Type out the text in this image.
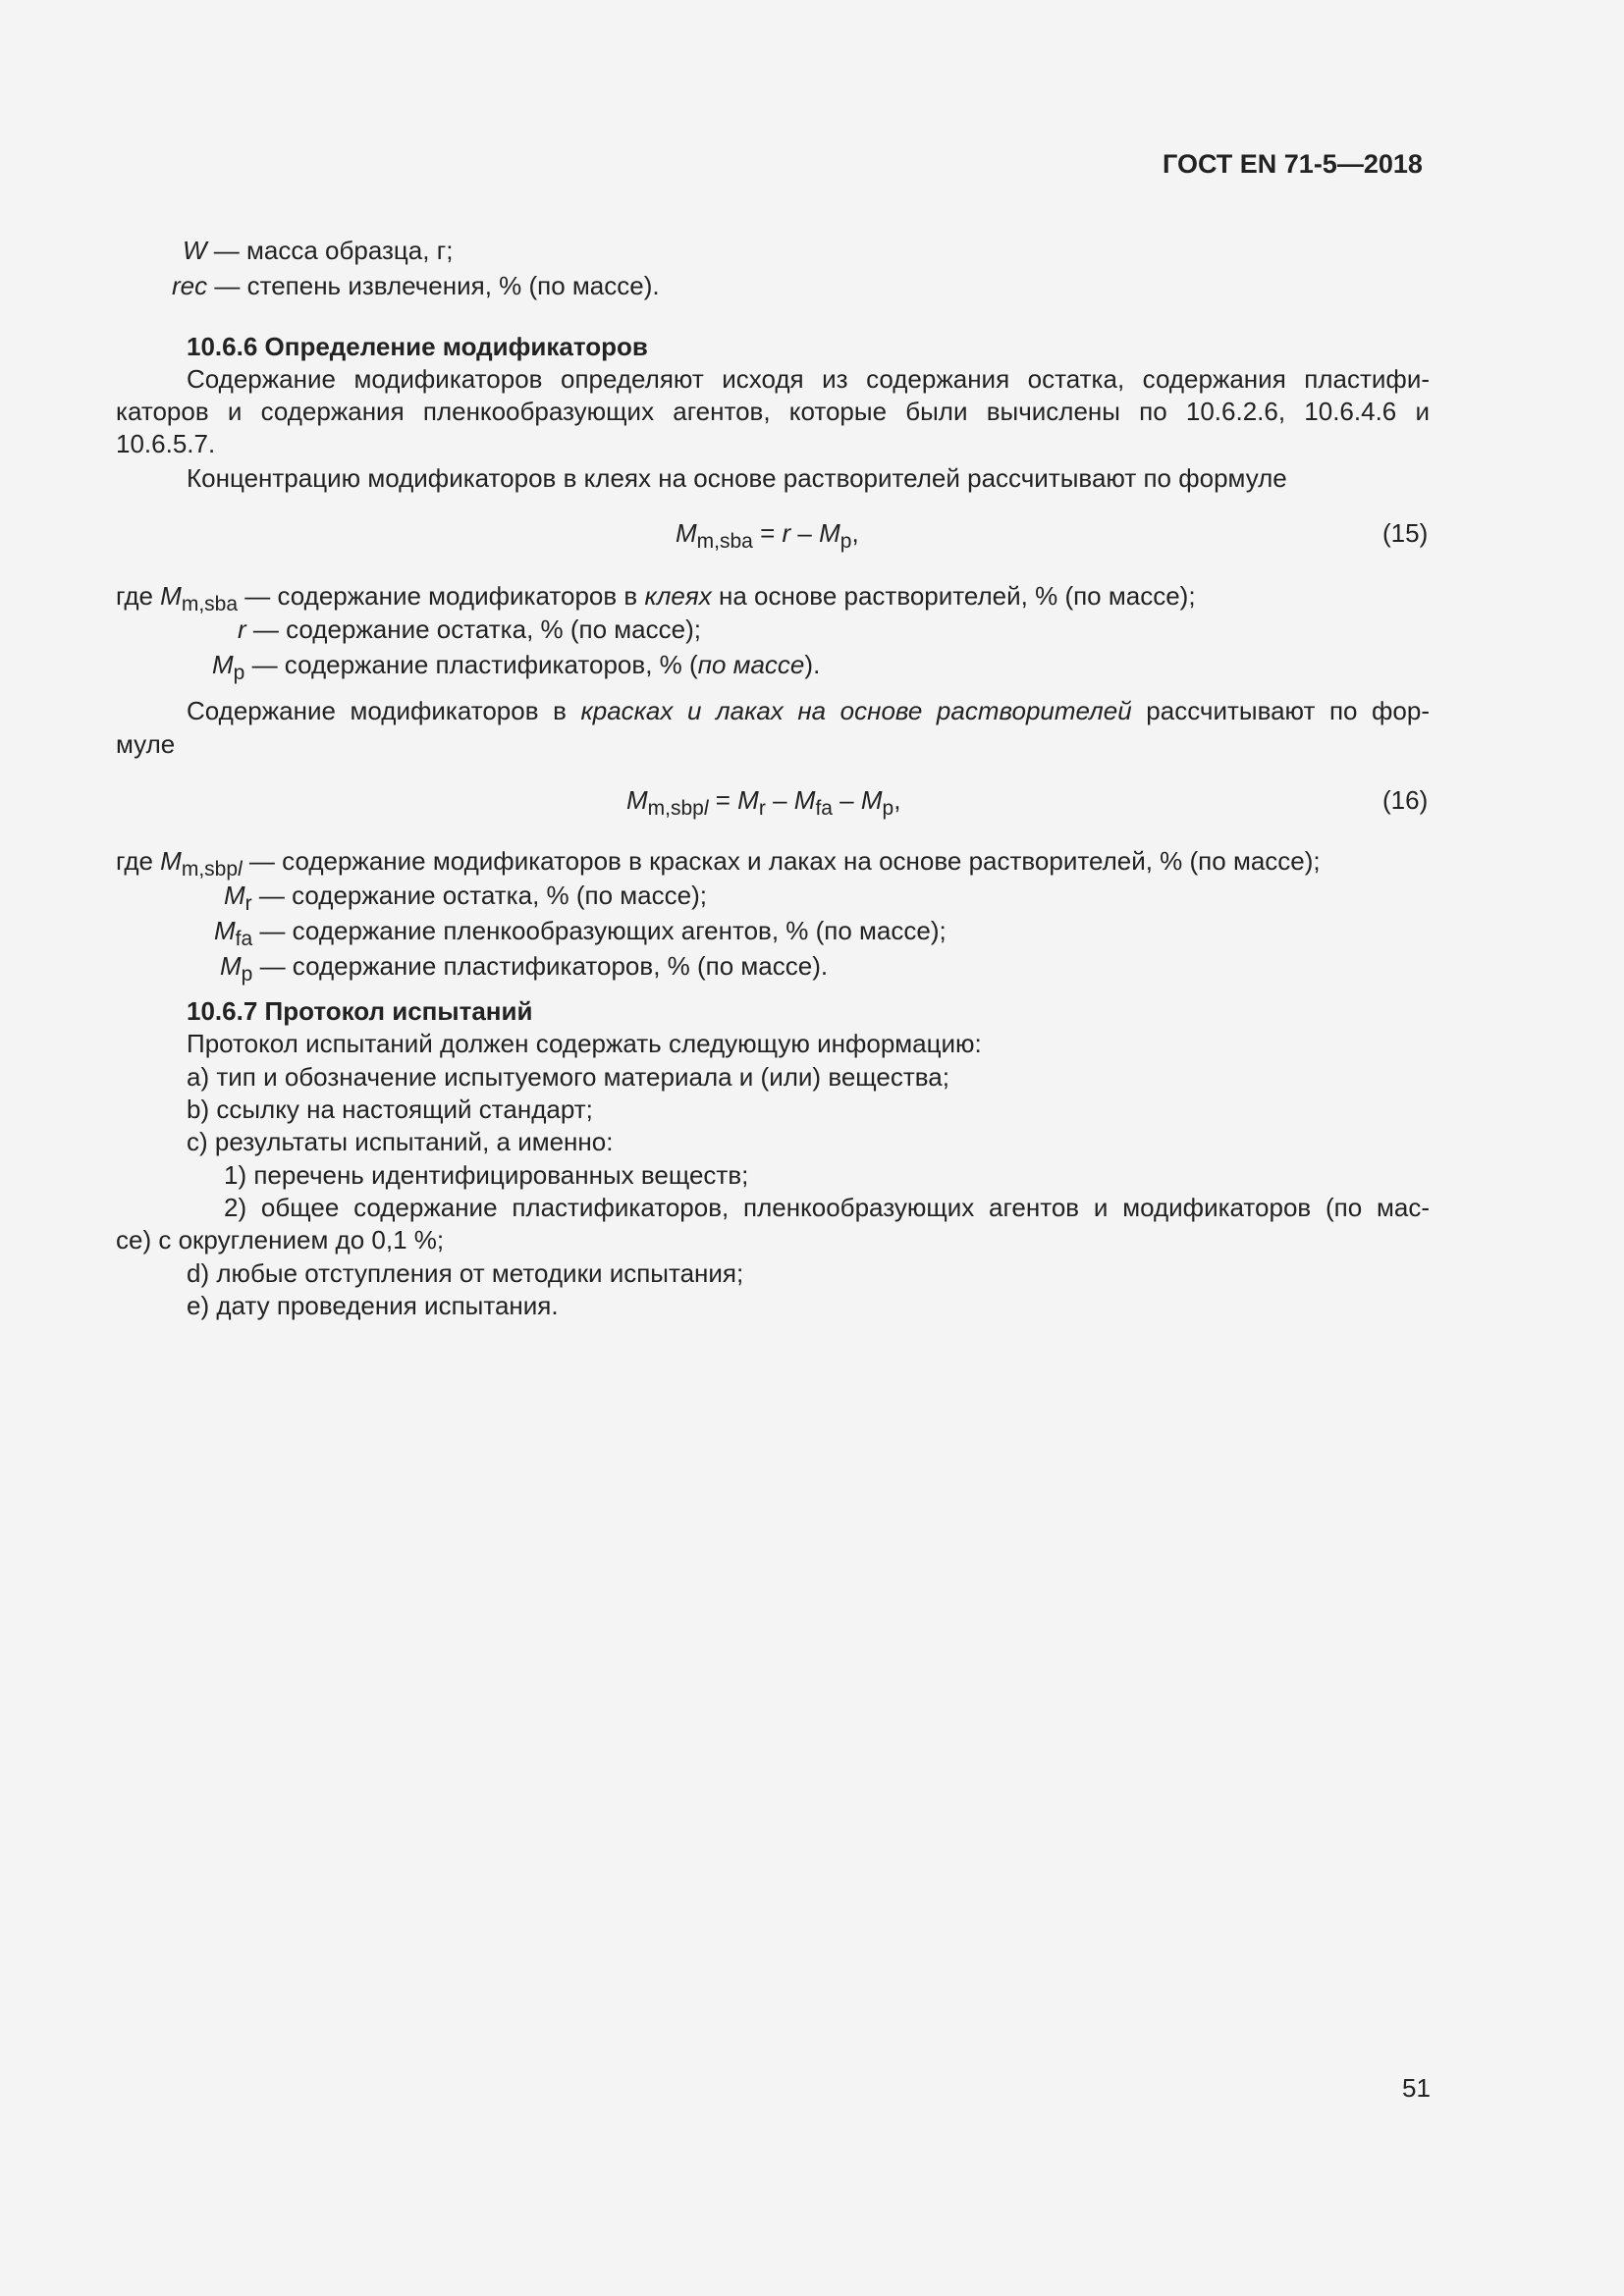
ГОСТ EN 71-5—2018
W — масса образца, г;
rec — степень извлечения, % (по массе).
10.6.6 Определение модификаторов
Содержание модификаторов определяют исходя из содержания остатка, содержания пластифи-
каторов и содержания пленкообразующих агентов, которые были вычислены по 10.6.2.6, 10.6.4.6 и
10.6.5.7.
Концентрацию модификаторов в клеях на основе растворителей рассчитывают по формуле
$M_{m,sba} = r - M_p$,	(15)
где $M_{m,sba}$ — содержание модификаторов в клеях на основе растворителей, % (по массе);
r — содержание остатка, % (по массе);
$M_p$ — содержание пластификаторов, % (по массе).
Содержание модификаторов в красках и лаках на основе растворителей рассчитывают по фор-
муле
$M_{m,sbpl} = M_r - M_{fa} - M_p$,	(16)
где $M_{m,sbpl}$ — содержание модификаторов в красках и лаках на основе растворителей, % (по массе);
$M_r$ — содержание остатка, % (по массе);
$M_{fa}$ — содержание пленкообразующих агентов, % (по массе);
$M_p$ — содержание пластификаторов, % (по массе).
10.6.7 Протокол испытаний
Протокол испытаний должен содержать следующую информацию:
a) тип и обозначение испытуемого материала и (или) вещества;
b) ссылку на настоящий стандарт;
c) результаты испытаний, а именно:
1) перечень идентифицированных веществ;
2) общее содержание пластификаторов, пленкообразующих агентов и модификаторов (по мас-
се) с округлением до 0,1 %;
d) любые отступления от методики испытания;
e) дату проведения испытания.
51
